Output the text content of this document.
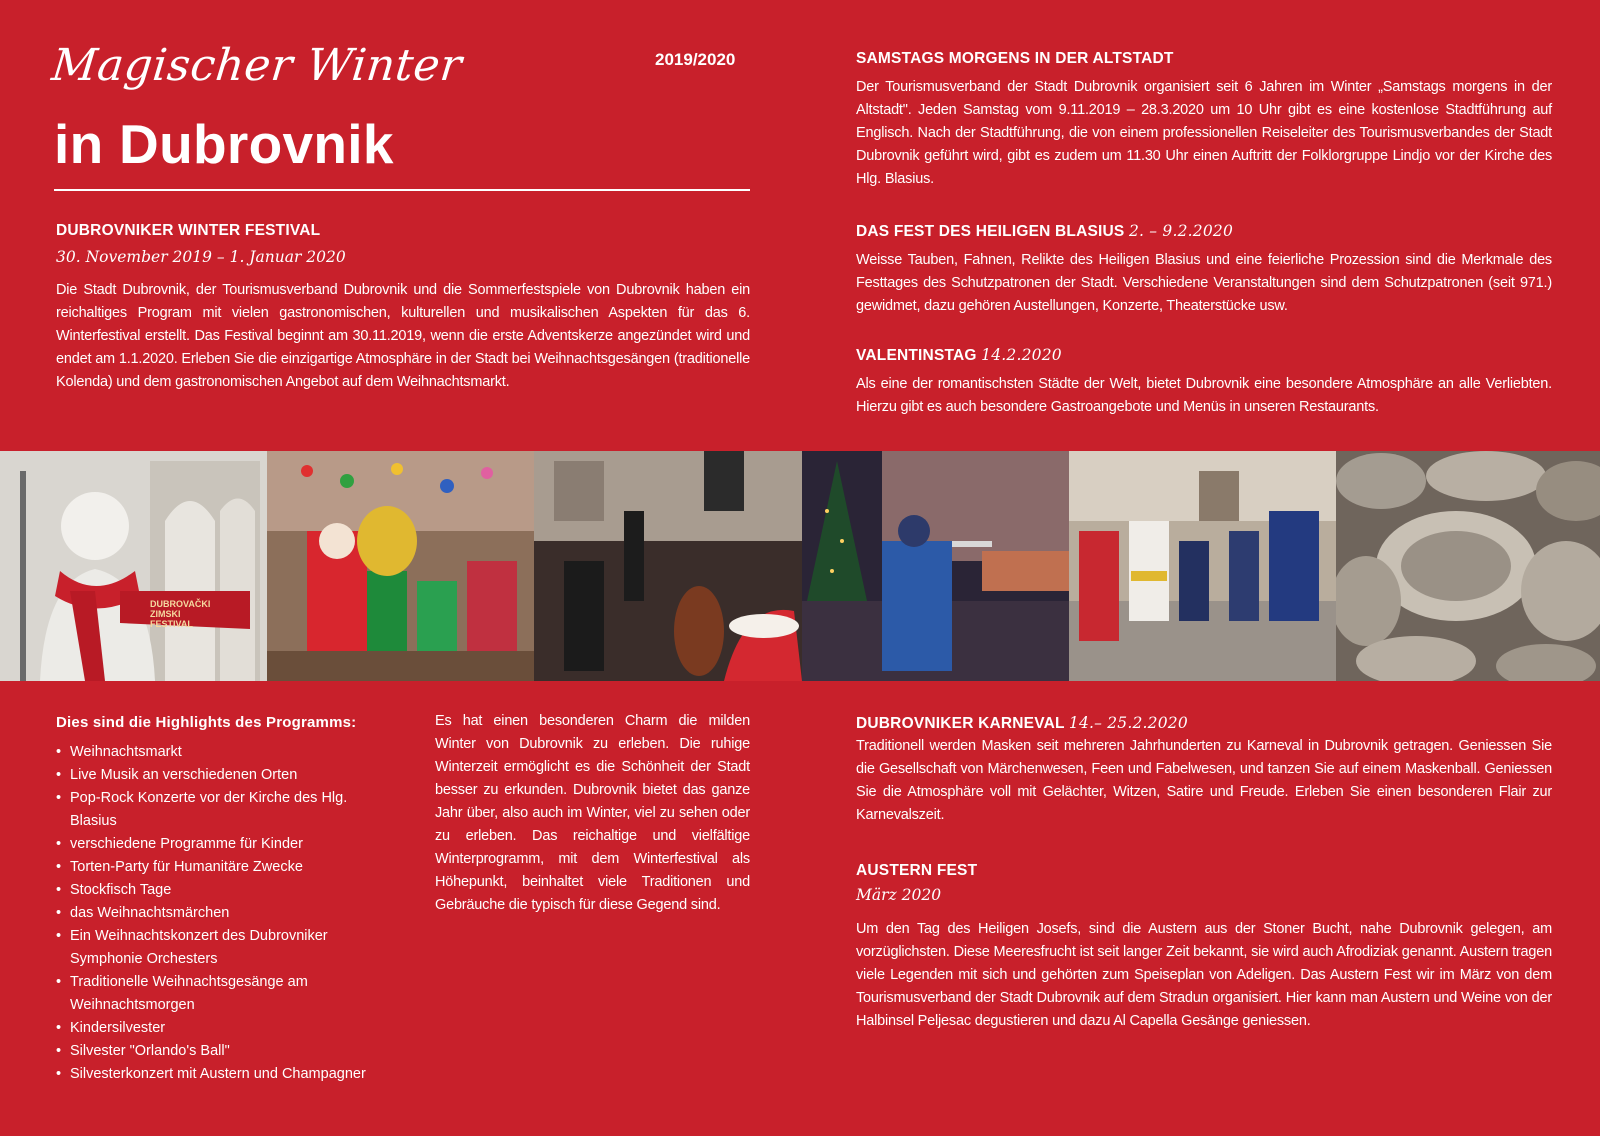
Magischer Winter
in Dubrovnik
2019/2020

DUBROVNIKER WINTER FESTIVAL

30. November 2019 – 1. Januar 2020

Die Stadt Dubrovnik, der Tourismusverband Dubrovnik und die Sommerfestspiele von Dubrovnik haben ein reichaltiges Program mit vielen gastronomischen, kulturellen und musikalischen Aspekten für das 6. Winterfestival erstellt. Das Festival beginnt am 30.11.2019, wenn die erste Adventskerze angezündet wird und endet am 1.1.2020. Erleben Sie die einzigartige Atmosphäre in der Stadt bei Weihnachtsgesängen (traditionelle Kolenda) und dem gastronomischen Angebot auf dem Weihnachtsmarkt.

SAMSTAGS MORGENS IN DER ALTSTADT

Der Tourismusverband der Stadt Dubrovnik organisiert seit 6 Jahren im Winter „Samstags morgens in der Altstadt". Jeden Samstag vom 9.11.2019 – 28.3.2020 um 10 Uhr gibt es eine kostenlose Stadtführung auf Englisch. Nach der Stadtführung, die von einem professionellen Reiseleiter des Tourismusverbandes der Stadt Dubrovnik geführt wird, gibt es zudem um 11.30 Uhr einen Auftritt der Folklorgruppe Lindjo vor der Kirche des Hlg. Blasius.

DAS FEST DES HEILIGEN BLASIUS 2. – 9.2.2020

Weisse Tauben, Fahnen, Relikte des Heiligen Blasius und eine feierliche Prozession sind die Merkmale des Festtages des Schutzpatronen der Stadt. Verschiedene Veranstaltungen sind dem Schutzpatronen (seit 971.) gewidmet, dazu gehören Austellungen, Konzerte, Theaterstücke usw.

VALENTINSTAG 14.2.2020

Als eine der romantischsten Städte der Welt, bietet Dubrovnik eine besondere Atmosphäre an alle Verliebten. Hierzu gibt es auch besondere Gastroangebote und Menüs in unseren Restaurants.

DUBROVAČKI
ZIMSKI
FESTIVAL

Dies sind die Highlights des Programms:

• Weihnachtsmarkt
• Live Musik an verschiedenen Orten
• Pop-Rock Konzerte vor der Kirche des Hlg. Blasius
• verschiedene Programme für Kinder
• Torten-Party für Humanitäre Zwecke
• Stockfisch Tage
• das Weihnachtsmärchen
• Ein Weihnachtskonzert des Dubrovniker Symphonie Orchesters
• Traditionelle Weihnachtsgesänge am Weihnachtsmorgen
• Kindersilvester
• Silvester "Orlando's Ball"
• Silvesterkonzert mit Austern und Champagner

Es hat einen besonderen Charm die milden Winter von Dubrovnik zu erleben. Die ruhige Winterzeit ermöglicht es die Schönheit der Stadt besser zu erkunden. Dubrovnik bietet das ganze Jahr über, also auch im Winter, viel zu sehen oder zu erleben. Das reichaltige und vielfältige Winterprogramm, mit dem Winterfestival als Höhepunkt, beinhaltet viele Traditionen und Gebräuche die typisch für diese Gegend sind.

DUBROVNIKER KARNEVAL 14.– 25.2.2020

Traditionell werden Masken seit mehreren Jahrhunderten zu Karneval in Dubrovnik getragen. Geniessen Sie die Gesellschaft von Märchenwesen, Feen und Fabelwesen, und tanzen Sie auf einem Maskenball. Geniessen Sie die Atmosphäre voll mit Gelächter, Witzen, Satire und Freude. Erleben Sie einen besonderen Flair zur Karnevalszeit.

AUSTERN FEST

März 2020

Um den Tag des Heiligen Josefs, sind die Austern aus der Stoner Bucht, nahe Dubrovnik gelegen, am vorzüglichsten. Diese Meeresfrucht ist seit langer Zeit bekannt, sie wird auch Afrodiziak genannt. Austern tragen viele Legenden mit sich und gehörten zum Speiseplan von Adeligen. Das Austern Fest wir im März von dem Tourismusverband der Stadt Dubrovnik auf dem Stradun organisiert. Hier kann man Austern und Weine von der Halbinsel Peljesac degustieren und dazu Al Capella Gesänge geniessen.
